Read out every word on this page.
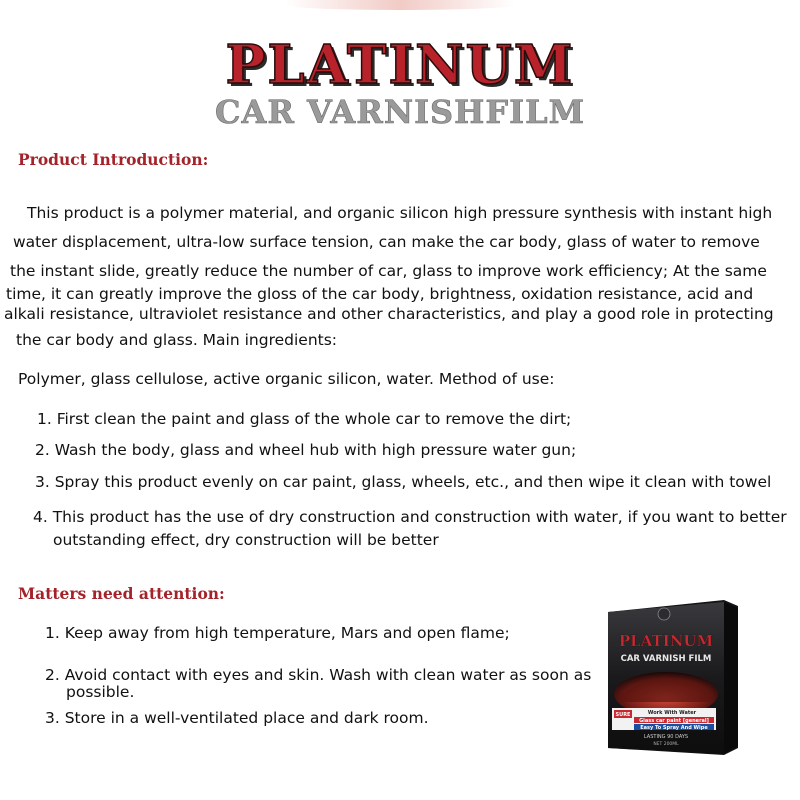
PLATINUM
CAR VARNISHFILM
Product Introduction:
This product is a polymer material, and organic silicon high pressure synthesis with instant high
water displacement, ultra-low surface tension, can make the car body, glass of water to remove
the instant slide, greatly reduce the number of car, glass to improve work efficiency; At the same
time, it can greatly improve the gloss of the car body, brightness, oxidation resistance, acid and
alkali resistance, ultraviolet resistance and other characteristics, and play a good role in protecting
the car body and glass. Main ingredients:
Polymer, glass cellulose, active organic silicon, water. Method of use:
1. First clean the paint and glass of the whole car to remove the dirt;
2. Wash the body, glass and wheel hub with high pressure water gun;
3. Spray this product evenly on car paint, glass, wheels, etc., and then wipe it clean with towel
4. This product has the use of dry construction and construction with water, if you want to better
outstanding effect, dry construction will be better
Matters need attention:
1. Keep away from high temperature, Mars and open flame;
2. Avoid contact with eyes and skin. Wash with clean water as soon as
possible.
3. Store in a well-ventilated place and dark room.
PLATINUM
CAR VARNISH FILM
SURE	Work With Water
Glass car paint [general]
Easy To Spray And Wipe
LASTING 90 DAYS
NET 200ML
